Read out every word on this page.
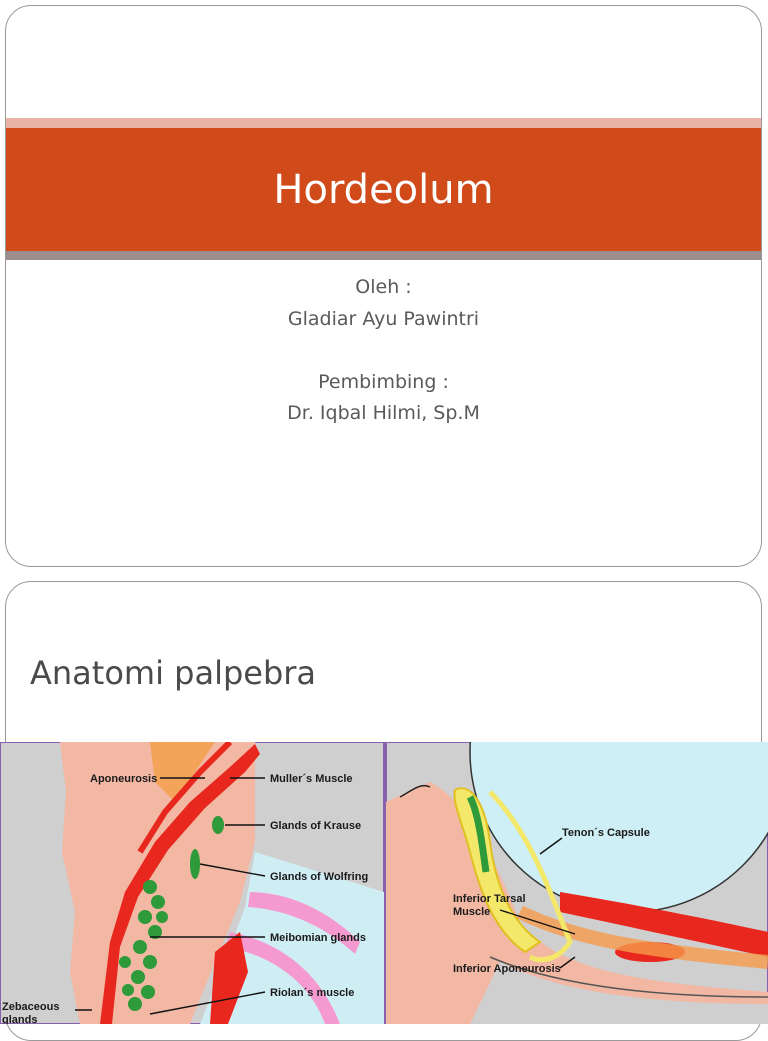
Hordeolum
Oleh :
Gladiar Ayu Pawintri
Pembimbing :
Dr. Iqbal Hilmi, Sp.M
Anatomi palpebra
Aponeurosis	Muller´s Muscle
Glands of Krause
Glands of Wolfring
Meibomian glands
Riolan´s muscle
Zebaceous
glands
Tenon´s Capsule
Inferior Tarsal
Muscle
Inferior Aponeurosis
